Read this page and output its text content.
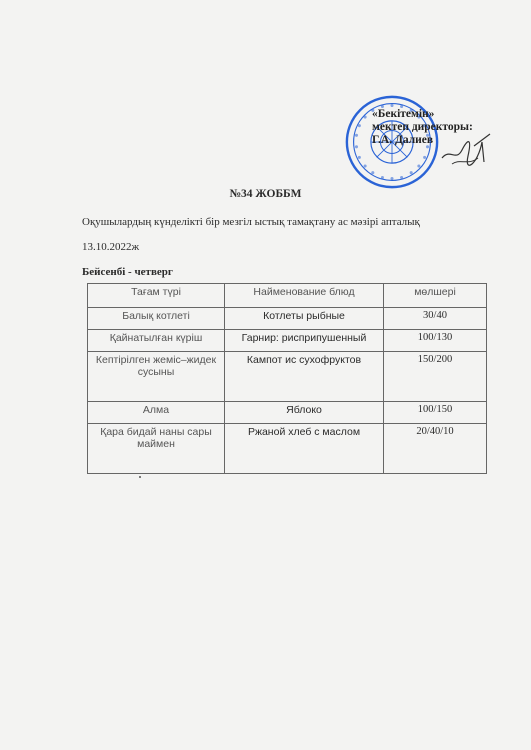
«Бекітемін»
мектеп директоры:
Г.А. Далиев
№34 ЖОББМ
Оқушылардың күнделікті бір мезгіл ыстық тамақтану ас мәзірі апталық
13.10.2022ж
Бейсенбі - четверг
Тағам түрі	Найменование блюд	мөлшері
Балық котлеті	Котлеты рыбные	30/40
Қайнатылған күріш	Гарнир: рисприпушенный	100/130
Кептірілген жеміс–жидек сусыны	Кампот ис сухофруктов	150/200
Алма	Яблоко	100/150
Қара бидай наны сары маймен	Ржаной хлеб с маслом	20/40/10
